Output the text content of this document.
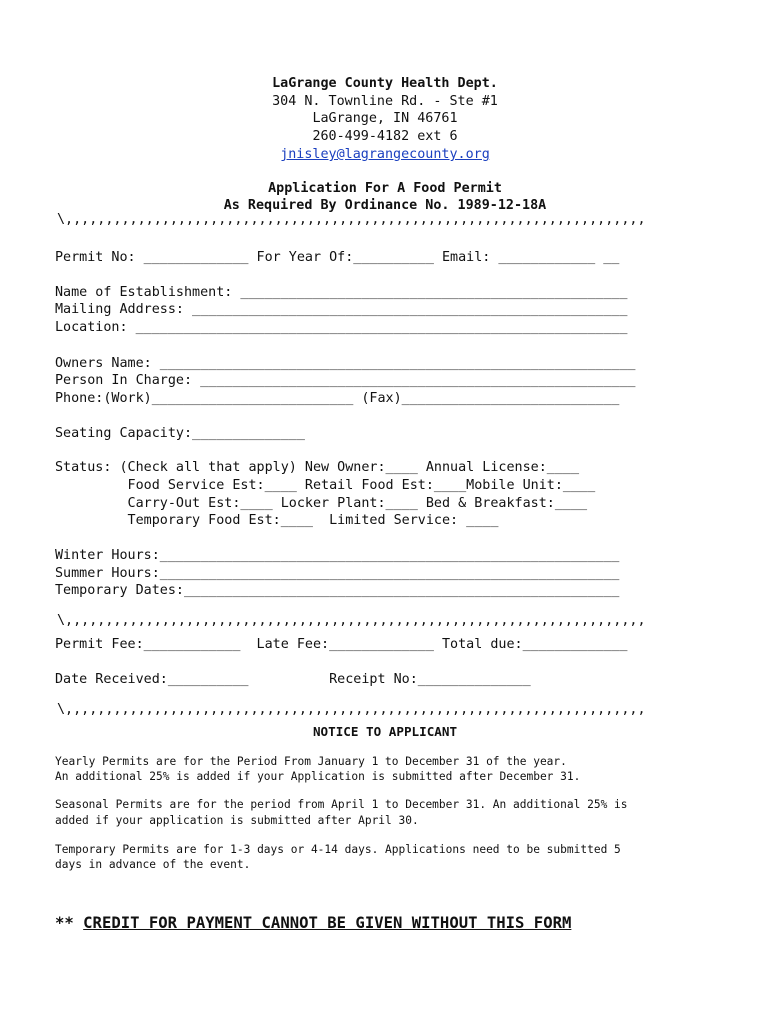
LaGrange County Health Dept.
304 N. Townline Rd. - Ste #1
LaGrange, IN 46761
260-499-4182 ext 6
jnisley@lagrangecounty.org
Application For A Food Permit
As Required By Ordinance No. 1989-12-18A
\,,,,,,,,,,,,,,,,,,,,,,,,,,,,,,,,,,,,,,,,,,,,,,,,,,,,,,,,,,,,,,,,,,,,,,,,
Permit No: _____________ For Year Of:__________ Email: ____________ __
Name of Establishment: ________________________________________________
Mailing Address: ______________________________________________________
Location: _____________________________________________________________
Owners Name: ___________________________________________________________
Person In Charge: ______________________________________________________
Phone:(Work)_________________________ (Fax)___________________________
Seating Capacity:______________
Status: (Check all that apply) New Owner:____ Annual License:____
Food Service Est:____ Retail Food Est:____Mobile Unit:____
Carry-Out Est:____ Locker Plant:____ Bed & Breakfast:____
Temporary Food Est:____  Limited Service: ____
Winter Hours:_________________________________________________________
Summer Hours:_________________________________________________________
Temporary Dates:______________________________________________________
\,,,,,,,,,,,,,,,,,,,,,,,,,,,,,,,,,,,,,,,,,,,,,,,,,,,,,,,,,,,,,,,,,,,,,,,,
Permit Fee:____________  Late Fee:_____________ Total due:_____________
Date Received:__________          Receipt No:______________
\,,,,,,,,,,,,,,,,,,,,,,,,,,,,,,,,,,,,,,,,,,,,,,,,,,,,,,,,,,,,,,,,,,,,,,,,
NOTICE TO APPLICANT
Yearly Permits are for the Period From January 1 to December 31 of the year.
An additional 25% is added if your Application is submitted after December 31.
Seasonal Permits are for the period from April 1 to December 31. An additional 25% is
added if your application is submitted after April 30.
Temporary Permits are for 1-3 days or 4-14 days. Applications need to be submitted 5
days in advance of the event.
** CREDIT FOR PAYMENT CANNOT BE GIVEN WITHOUT THIS FORM
